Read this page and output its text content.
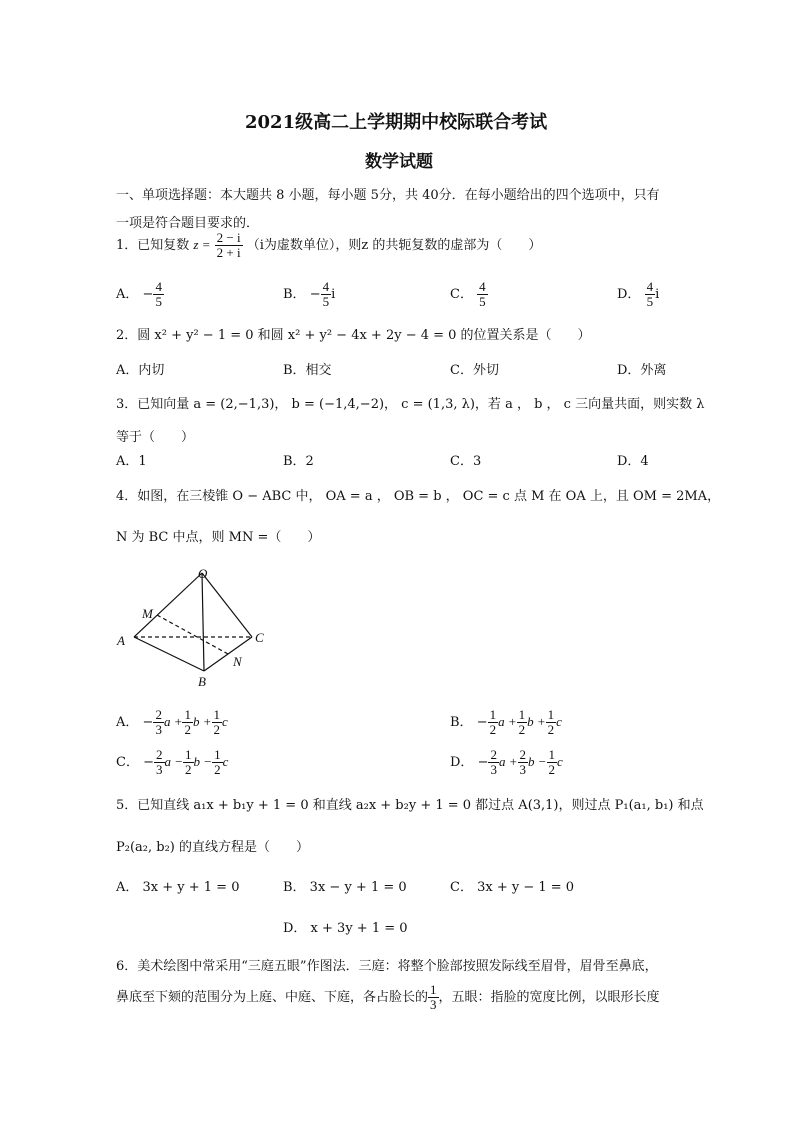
2021级高二上学期期中校际联合考试
数学试题
一、单项选择题：本大题共 8 小题，每小题 5分，共 40分．在每小题给出的四个选项中，只有
一项是符合题目要求的．
1．已知复数 $z = \frac{2 - i}{2 + i} (i$为虚数单位），则z 的共轭复数的虚部为（　　）
A． − $\frac{4}{5}$	B． − $\frac{4}{5}$ i	C． $\frac{4}{5}$	D． $\frac{4}{5}$ i
2．圆 x² + y² − 1 = 0 和圆 x² + y² − 4x + 2y − 4 = 0 的位置关系是（　　）
A．内切	B．相交	C．外切	D．外离
3．已知向量 a = (2,−1,3)， b = (−1,4,−2)， c = (1,3, λ)，若 a ， b ， c 三向量共面，则实数 λ
等于（　　）
A．1	B．2	C．3	D．4
4．如图，在三棱锥 O − ABC 中， OA = a ， OB = b ， OC = c 点 M 在 OA 上，且 OM = 2MA，
N 为 BC 中点，则 MN =（　　）
O
M
A	C
N
B
A． − $\frac{2}{3}$ $a + \frac{1}{2}$ $b + \frac{1}{2}$ c	B． − $\frac{1}{2}$ $a + \frac{1}{2}$ $b + \frac{1}{2}$ c
C． − $\frac{2}{3}$ $a - \frac{1}{2}$ $b - \frac{1}{2}$ c	D． − $\frac{2}{3}$ $a + \frac{2}{3}$ $b - \frac{1}{2}$ c
5．已知直线 a₁x + b₁y + 1 = 0 和直线 a₂x + b₂y + 1 = 0 都过点 A(3,1)，则过点 P₁(a₁, b₁) 和点
P₂(a₂, b₂) 的直线方程是（　　）
A． 3x + y + 1 = 0	B． 3x − y + 1 = 0	C． 3x + y − 1 = 0
D． x + 3y + 1 = 0
6．美术绘图中常采用“三庭五眼”作图法．三庭：将整个脸部按照发际线至眉骨，眉骨至鼻底，
鼻底至下颏的范围分为上庭、中庭、下庭，各占脸长的 $\frac{1}{3}$ ，五眼：指脸的宽度比例，以眼形长度
